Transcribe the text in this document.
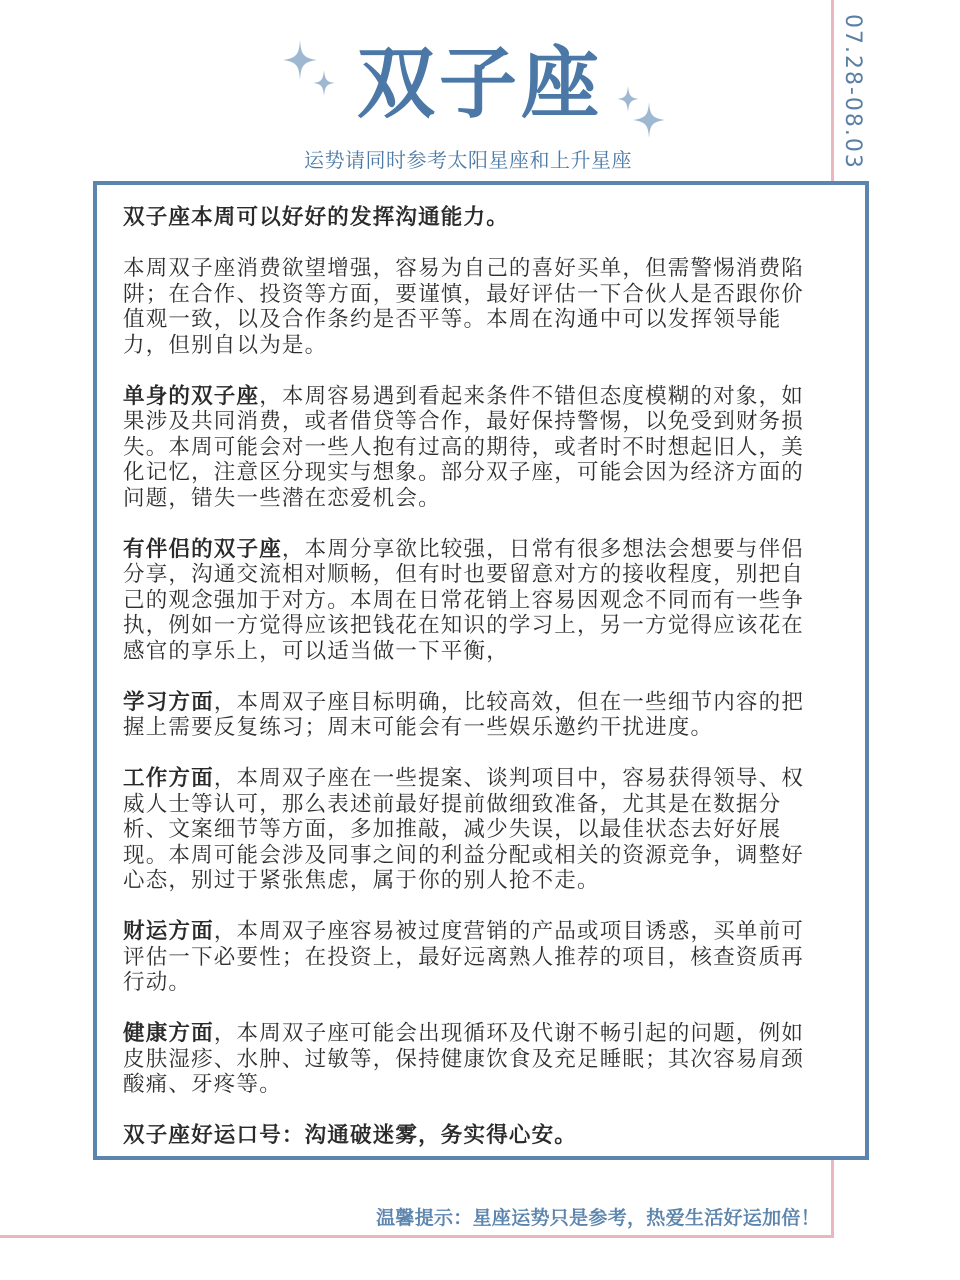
07.28-08.03
双子座
运势请同时参考太阳星座和上升星座

双子座本周可以好好的发挥沟通能力。

本周双子座消费欲望增强，容易为自己的喜好买单，但需警惕消费陷阱；在合作、投资等方面，要谨慎，最好评估一下合伙人是否跟你价值观一致，以及合作条约是否平等。本周在沟通中可以发挥领导能力，但别自以为是。

单身的双子座，本周容易遇到看起来条件不错但态度模糊的对象，如果涉及共同消费，或者借贷等合作，最好保持警惕，以免受到财务损失。本周可能会对一些人抱有过高的期待，或者时不时想起旧人，美化记忆，注意区分现实与想象。部分双子座，可能会因为经济方面的问题，错失一些潜在恋爱机会。

有伴侣的双子座，本周分享欲比较强，日常有很多想法会想要与伴侣分享，沟通交流相对顺畅，但有时也要留意对方的接收程度，别把自己的观念强加于对方。本周在日常花销上容易因观念不同而有一些争执，例如一方觉得应该把钱花在知识的学习上，另一方觉得应该花在感官的享乐上，可以适当做一下平衡，

学习方面，本周双子座目标明确，比较高效，但在一些细节内容的把握上需要反复练习；周末可能会有一些娱乐邀约干扰进度。

工作方面，本周双子座在一些提案、谈判项目中，容易获得领导、权威人士等认可，那么表述前最好提前做细致准备，尤其是在数据分析、文案细节等方面，多加推敲，减少失误，以最佳状态去好好展现。本周可能会涉及同事之间的利益分配或相关的资源竞争，调整好心态，别过于紧张焦虑，属于你的别人抢不走。

财运方面，本周双子座容易被过度营销的产品或项目诱惑，买单前可评估一下必要性；在投资上，最好远离熟人推荐的项目，核查资质再行动。

健康方面，本周双子座可能会出现循环及代谢不畅引起的问题，例如皮肤湿疹、水肿、过敏等，保持健康饮食及充足睡眠；其次容易肩颈酸痛、牙疼等。

双子座好运口号：沟通破迷雾，务实得心安。

温馨提示：星座运势只是参考，热爱生活好运加倍！
